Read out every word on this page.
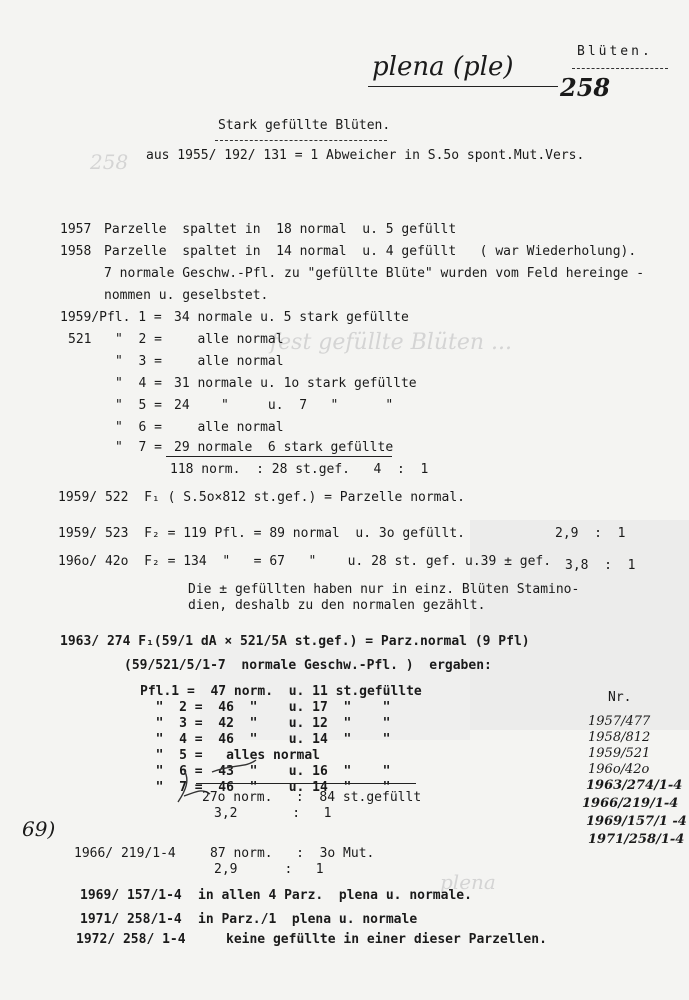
258
fest gefüllte Blüten ...
plena
plena (ple)
Blüten.
258
Stark gefüllte Blüten.
aus 1955/ 192/ 131 = 1 Abweicher in S.5o spont.Mut.Vers.
1957 Parzelle  spaltet in  18 normal  u. 5 gefüllt
1958 Parzelle  spaltet in  14 normal  u. 4 gefüllt   ( war Wiederholung).
7 normale Geschw.-Pfl. zu "gefüllte Blüte" wurden vom Feld hereinge -
nommen u. geselbstet.
1959/Pfl. 1 = 34 normale u. 5 stark gefüllte
521   "  2 = alle normal
"  3 = alle normal
"  4 = 31 normale u. 1o stark gefüllte
"  5 = 24    "     u.  7   "      "
"  6 = alle normal
"  7 = 29 normale  6 stark gefüllte
118 norm.  : 28 st.gef.   4  :  1
1959/ 522  F₁ ( S.5o×812 st.gef.) = Parzelle normal.
1959/ 523  F₂ = 119 Pfl. = 89 normal  u. 3o gefüllt.	2,9  :  1
196o/ 42o  F₂ = 134  "   = 67   "    u. 28 st. gef. u.39 ± gef. 3,8  :  1
Die ± gefüllten haben nur in einz. Blüten Stamino-
dien, deshalb zu den normalen gezählt.
1963/ 274 F₁(59/1 dA × 521/5A st.gef.) = Parz.normal (9 Pfl)
(59/521/5/1-7  normale Geschw.-Pfl. )  ergaben:
Pfl.1 =  47 norm.  u. 11 st.gefüllte
"  2 =  46  "    u. 17  "    "
"  3 =  42  "    u. 12  "    "
"  4 =  46  "    u. 14  "    "
"  5 =   alles normal
"  6 =  43  "    u. 16  "    "
"  7 =  46  "    u. 14  "    "
27o norm.   :  84 st.gefüllt
3,2       :   1
Nr.
1957/477
1958/812
1959/521
196o/42o
1963/274/1-4
1966/219/1-4
1969/157/1 -4
1971/258/1-4
69)
1966/ 219/1-4	87 norm.   :  3o Mut.
2,9      :   1
1969/ 157/1-4 in allen 4 Parz.  plena u. normale.
1971/ 258/1-4 in Parz./1  plena u. normale
1972/ 258/ 1-4	keine gefüllte in einer dieser Parzellen.
